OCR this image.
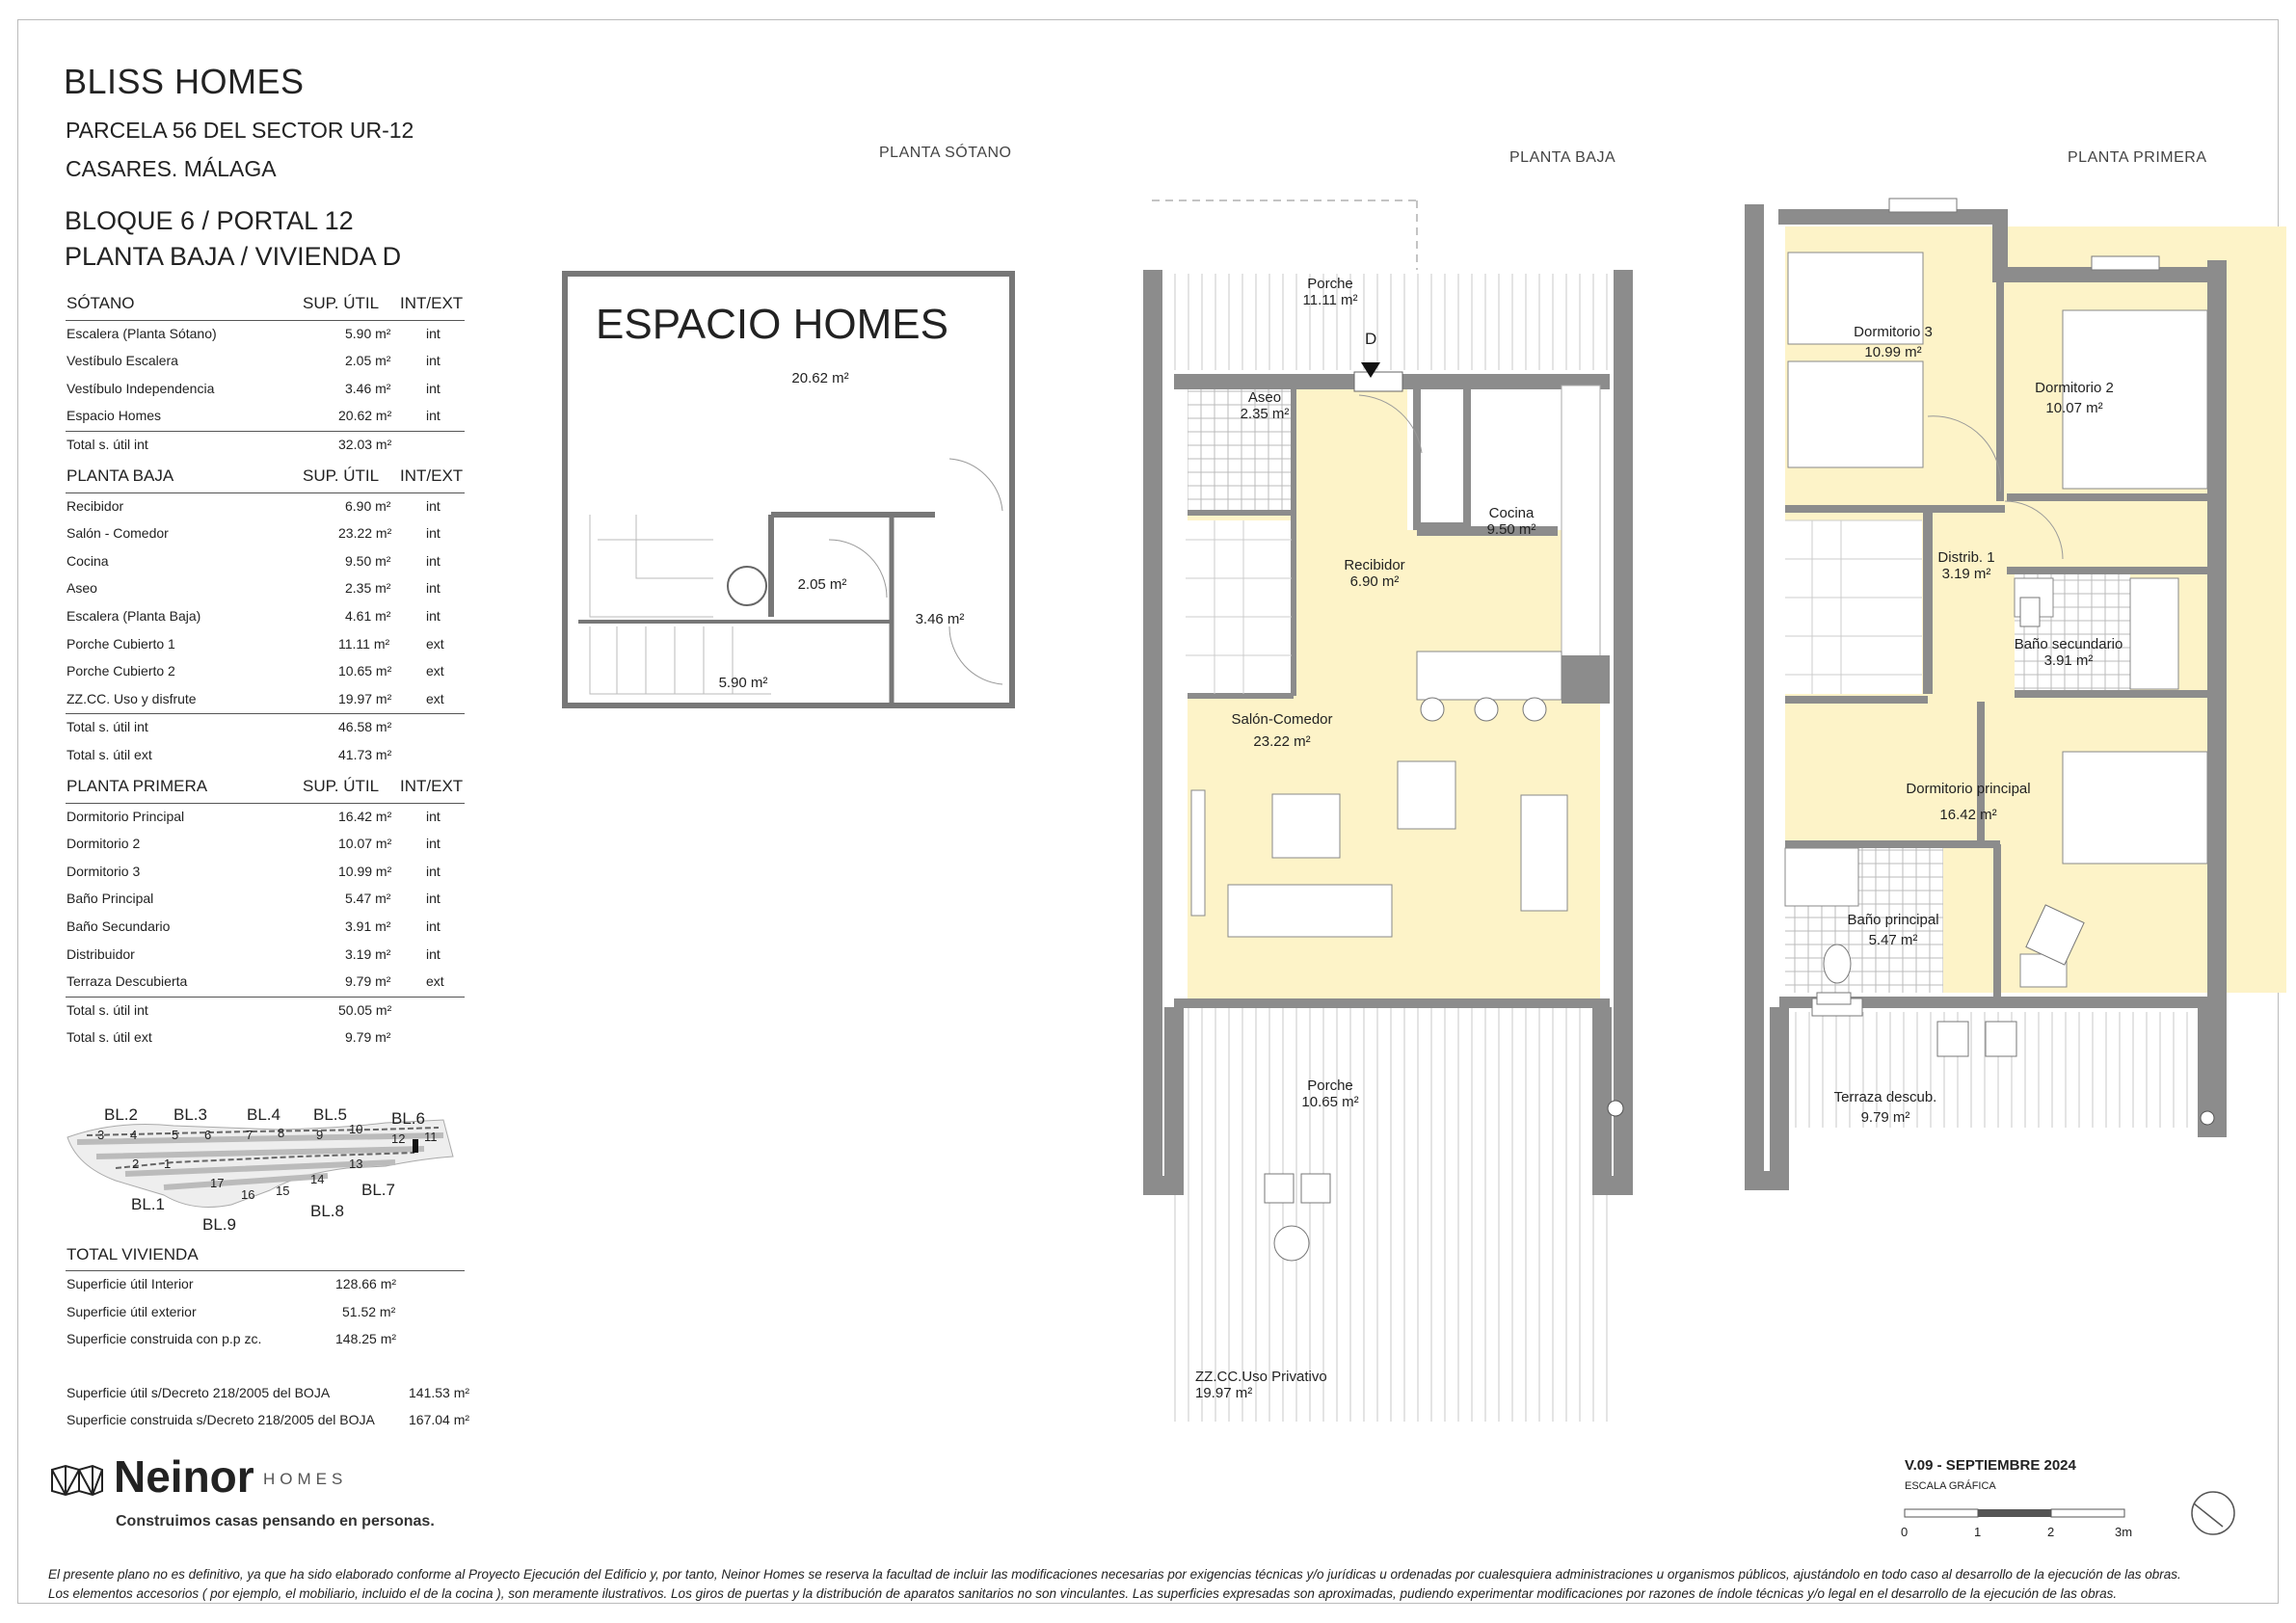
BLISS HOMES
PARCELA 56 DEL SECTOR UR-12
CASARES. MÁLAGA
BLOQUE 6 / PORTAL 12
PLANTA BAJA / VIVIENDA D
SÓTANO	SUP. ÚTIL INT/EXT
Escalera (Planta Sótano)	5.90 m²	int
Vestíbulo Escalera	2.05 m²	int
Vestíbulo Independencia	3.46 m²	int
Espacio Homes	20.62 m²	int
Total s. útil int	32.03 m²
PLANTA BAJA	SUP. ÚTIL INT/EXT
Recibidor	6.90 m²	int
Salón - Comedor	23.22 m²	int
Cocina	9.50 m²	int
Aseo	2.35 m²	int
Escalera (Planta Baja)	4.61 m²	int
Porche Cubierto 1	11.11 m²	ext
Porche Cubierto 2	10.65 m²	ext
ZZ.CC. Uso y disfrute	19.97 m²	ext
Total s. útil int	46.58 m²
Total s. útil ext	41.73 m²
PLANTA PRIMERA	SUP. ÚTIL INT/EXT
Dormitorio Principal	16.42 m²	int
Dormitorio 2	10.07 m²	int
Dormitorio 3	10.99 m²	int
Baño Principal	5.47 m²	int
Baño Secundario	3.91 m²	int
Distribuidor	3.19 m²	int
Terraza Descubierta	9.79 m²	ext
Total s. útil int	50.05 m²
Total s. útil ext	9.79 m²
BL.2 BL.3 BL.4 BL.5	BL.6 BL.1 BL.9 BL.8 BL.7
3 4	5 6	7 8	9 10 12 11 2 1 17 16 15 14 13
TOTAL VIVIENDA
Superficie útil Interior	128.66 m²
Superficie útil exterior	51.52 m²
Superficie construida con p.p zc.	148.25 m²
Superficie útil s/Decreto 218/2005 del BOJA	141.53 m²
Superficie construida s/Decreto 218/2005 del BOJA	167.04 m²
Neinor HOMES
Construimos casas pensando en personas.
PLANTA SÓTANO	PLANTA BAJA	PLANTA PRIMERA
ESPACIO HOMES
20.62 m²
2.05 m²
3.46 m²
5.90 m²
Porche
11.11 m²
D
Aseo
2.35 m²
Cocina
9.50 m²
Recibidor
6.90 m²
Salón-Comedor
23.22 m²
Porche
10.65 m²
ZZ.CC.Uso Privativo
19.97 m²
Dormitorio 3
10.99 m²
Dormitorio 2
10.07 m²
Distrib. 1
3.19 m²
Baño secundario
3.91 m²
Dormitorio principal
16.42 m²
Baño principal
5.47 m²
Terraza descub.
9.79 m²
V.09 - SEPTIEMBRE 2024
ESCALA GRÁFICA
0	1	2	3m
El presente plano no es definitivo, ya que ha sido elaborado conforme al Proyecto Ejecución del Edificio y, por tanto, Neinor Homes se reserva la facultad de incluir las modificaciones necesarias por exigencias técnicas y/o jurídicas u ordenadas por cualesquiera administraciones u organismos públicos, ajustándolo en todo caso al desarrollo de la ejecución de las obras.
Los elementos accesorios ( por ejemplo, el mobiliario, incluido el de la cocina ), son meramente ilustrativos. Los giros de puertas y la distribución de aparatos sanitarios no son vinculantes. Las superficies expresadas son aproximadas, pudiendo experimentar modificaciones por razones de índole técnicas y/o legal en el desarrollo de la ejecución de las obras.
